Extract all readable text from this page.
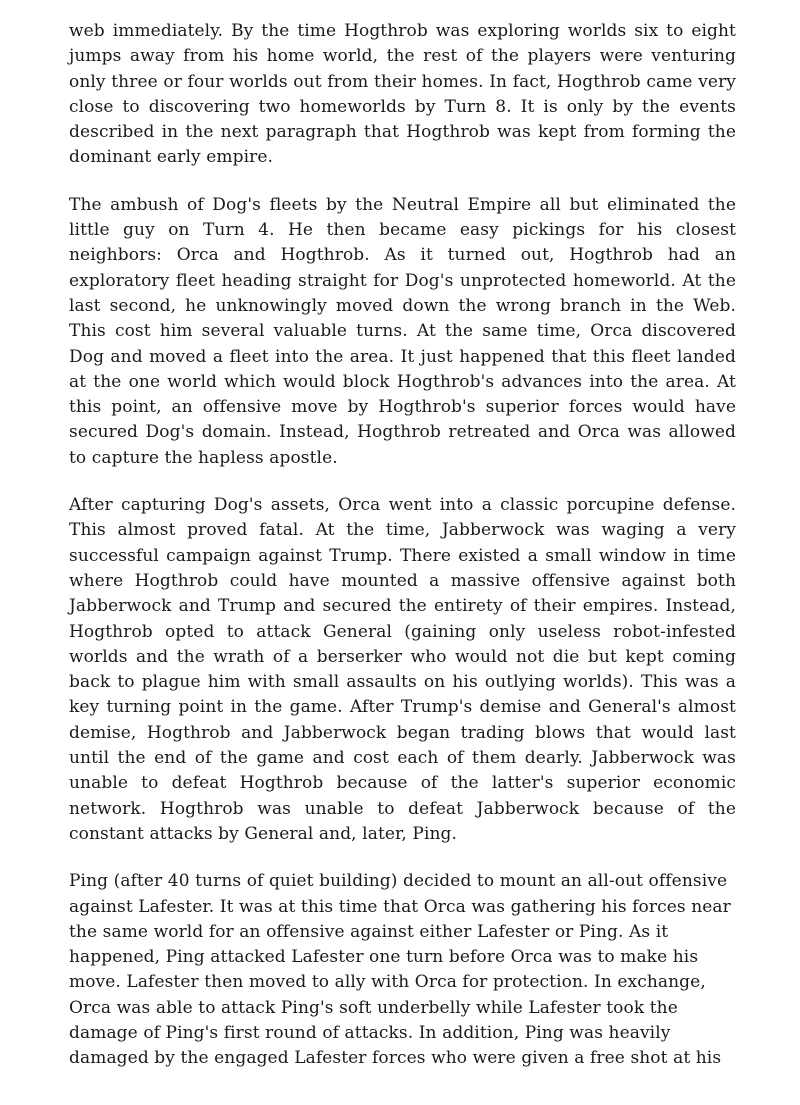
web immediately. By the time Hogthrob was exploring worlds six to eight jumps away from his home world, the rest of the players were venturing only three or four worlds out from their homes. In fact, Hogthrob came very close to discovering two homeworlds by Turn 8. It is only by the events described in the next paragraph that Hogthrob was kept from forming the dominant early empire.

The ambush of Dog's fleets by the Neutral Empire all but eliminated the little guy on Turn 4. He then became easy pickings for his closest neighbors: Orca and Hogthrob. As it turned out, Hogthrob had an exploratory fleet heading straight for Dog's unprotected homeworld. At the last second, he unknowingly moved down the wrong branch in the Web. This cost him several valuable turns. At the same time, Orca discovered Dog and moved a fleet into the area. It just happened that this fleet landed at the one world which would block Hogthrob's advances into the area. At this point, an offensive move by Hogthrob's superior forces would have secured Dog's domain. Instead, Hogthrob retreated and Orca was allowed to capture the hapless apostle.

After capturing Dog's assets, Orca went into a classic porcupine defense. This almost proved fatal. At the time, Jabberwock was waging a very successful campaign against Trump. There existed a small window in time where Hogthrob could have mounted a massive offensive against both Jabberwock and Trump and secured the entirety of their empires. Instead, Hogthrob opted to attack General (gaining only useless robot-infested worlds and the wrath of a berserker who would not die but kept coming back to plague him with small assaults on his outlying worlds). This was a key turning point in the game. After Trump's demise and General's almost demise, Hogthrob and Jabberwock began trading blows that would last until the end of the game and cost each of them dearly. Jabberwock was unable to defeat Hogthrob because of the latter's superior economic network. Hogthrob was unable to defeat Jabberwock because of the constant attacks by General and, later, Ping.

Ping (after 40 turns of quiet building) decided to mount an all-out offensive against Lafester. It was at this time that Orca was gathering his forces near the same world for an offensive against either Lafester or Ping. As it happened, Ping attacked Lafester one turn before Orca was to make his move. Lafester then moved to ally with Orca for protection. In exchange, Orca was able to attack Ping's soft underbelly while Lafester took the damage of Ping's first round of attacks. In addition, Ping was heavily damaged by the engaged Lafester forces who were given a free shot at his
